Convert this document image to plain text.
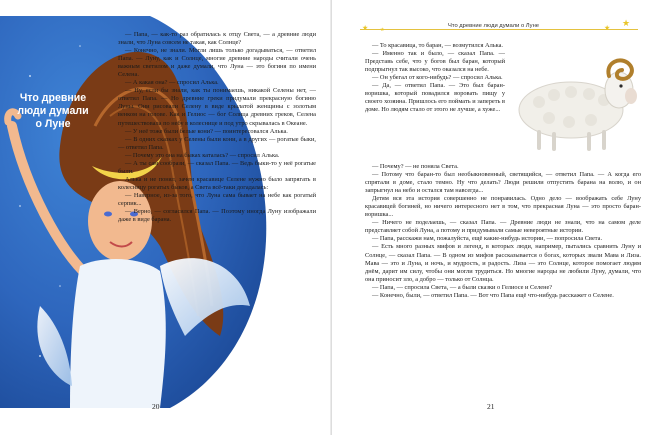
Что древние
люди думали
о Луне

— Папа, — как-то раз обратилась к отцу Света, — а древние люди знали, что Луна совсем не такая, как Солнце?

— Конечно, не знали. Могли лишь только догадываться, — ответил Папа. — Луну, как и Солнце, многие древние народы считали очень важным светилом и даже думали, что Луна — это богиня по имени Селена.

— А какая она? — спросил Алька.

— Ну, если бы знали, как ты понимаешь, никакой Селены нет, — ответил Папа. — Но древние греки придумали прекрасную богиню Луны. Они рисовали Селену в виде крылатой женщины с золотым венком на голове. Как и Гелиос — бог Солнца древних греков, Селена путешествовала по небу в колеснице и под утро скрывалась в Океане.

— У неё тоже были белые кони? — поинтересовался Алька.

— В одних сказках у Селены были кони, а в других — рогатые быки, — ответил Папа.

— Почему это она на быках каталась? — спросил Алька.

— А ты сам сообрази, — сказал Папа. — Ведь быки-то у неё рогатые были.

Алька и не понял, зачем красавице Селене нужно было запрягать в колесницу рогатых быков, а Света всё-таки догадалась:

— Наверное, из-за того, что Луна сама бывает на небе как рогатый серпик...

— Верно, — согласился Папа. — Поэтому иногда Луну изображали даже в виде барана.

20
Что древние люди думали о Луне
★ ★	★ ★

— То красавица, то баран, — возмутился Алька.

— Именно так и было, — сказал Папа. — Представь себе, что у богов был баран, который подпрыгнул так высоко, что оказался на небе.

— Он убегал от кого-нибудь? — спросил Алька.

— Да, — ответил Папа. — Это был баран-воришка, который повадился воровать пищу у своего хозяина. Пришлось его поймать и запереть в доме. Но людям стало от этого не лучше, а хуже...

— Почему? — не поняла Света.

— Потому что баран-то был необыкновенный, светящийся, — ответил Папа. — А когда его спрятали в доме, стало темно. Ну что делать? Люди решили отпустить барана на волю, и он запрыгнул на небо и остался там навсегда...

Детям вся эта история совершенно не понравилась. Одно дело — воображать себе Луну красавицей богиней, но ничего интересного нет в том, что прекрасная Луна — это просто баран-воришка...

— Ничего не поделаешь, — сказал Папа. — Древние люди не знали, что на самом деле представляет собой Луна, а потому и придумывали самые невероятные истории.

— Папа, расскажи нам, пожалуйста, ещё какие-нибудь истории, — попросила Света.

— Есть много разных мифов и легенд, в которых люди, например, пытались сравнить Луну и Солнце, — сказал Папа. — В одном из мифов рассказывается о богах, которых звали Мава и Лиза. Мава — это и Луна, и ночь, и мудрость, и радость. Лиза — это Солнце, которое помогает людям днём, дарит им силу, чтобы они могли трудиться. Но многие народы не любили Луну, думали, что она приносит зло, а добро — только от Солнца.

— Папа, — спросила Света, — а были сказки о Гелиосе и Селене?

— Конечно, были, — ответил Папа. — Вот что Папа ещё что-нибудь расскажет о Селене.

21
